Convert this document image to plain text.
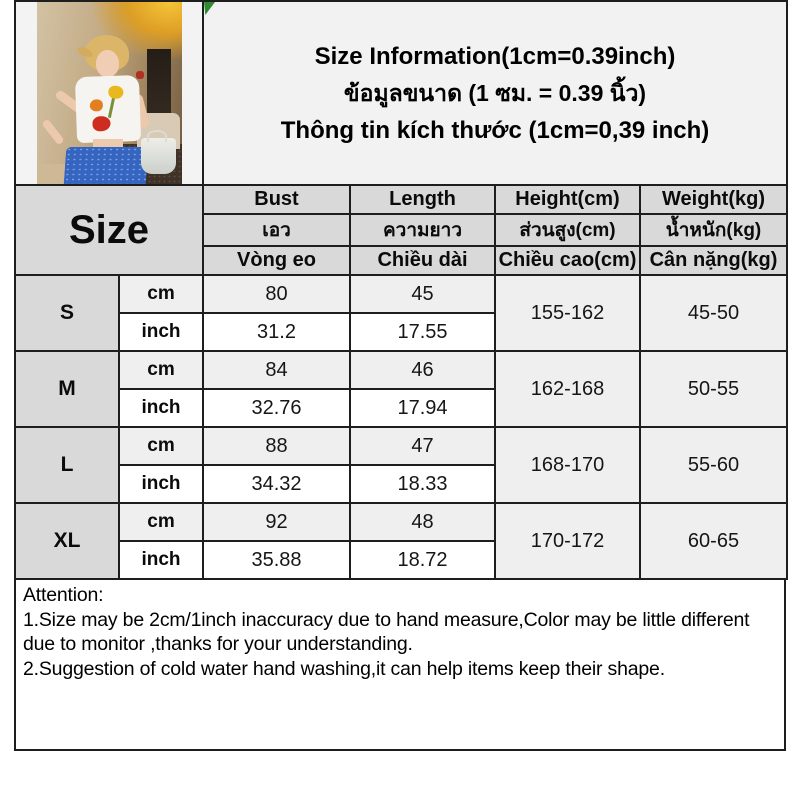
		Size Information(1cm=0.39inch)
ข้อมูลขนาด (1 ซม. = 0.39 นิ้ว)
Thông tin kích thước (1cm=0,39 inch)			

Size		Bust	Length	Height(cm)	Weight(kg)
		เอว	ความยาว	ส่วนสูง(cm)	น้ำหนัก(kg)
		Vòng eo	Chiều dài	Chiều cao(cm)	Cân nặng(kg)
S	cm	80	45	155-162	45-50
	inch	31.2	17.55		
M	cm	84	46	162-168	50-55
	inch	32.76	17.94		
L	cm	88	47	168-170	55-60
	inch	34.32	18.33		
XL	cm	92	48	170-172	60-65
	inch	35.88	18.72		
Attention:
1.Size may be 2cm/1inch inaccuracy due to hand measure,Color may be little different due to monitor ,thanks for your understanding.
2.Suggestion of cold water hand washing,it can help items keep their shape.
